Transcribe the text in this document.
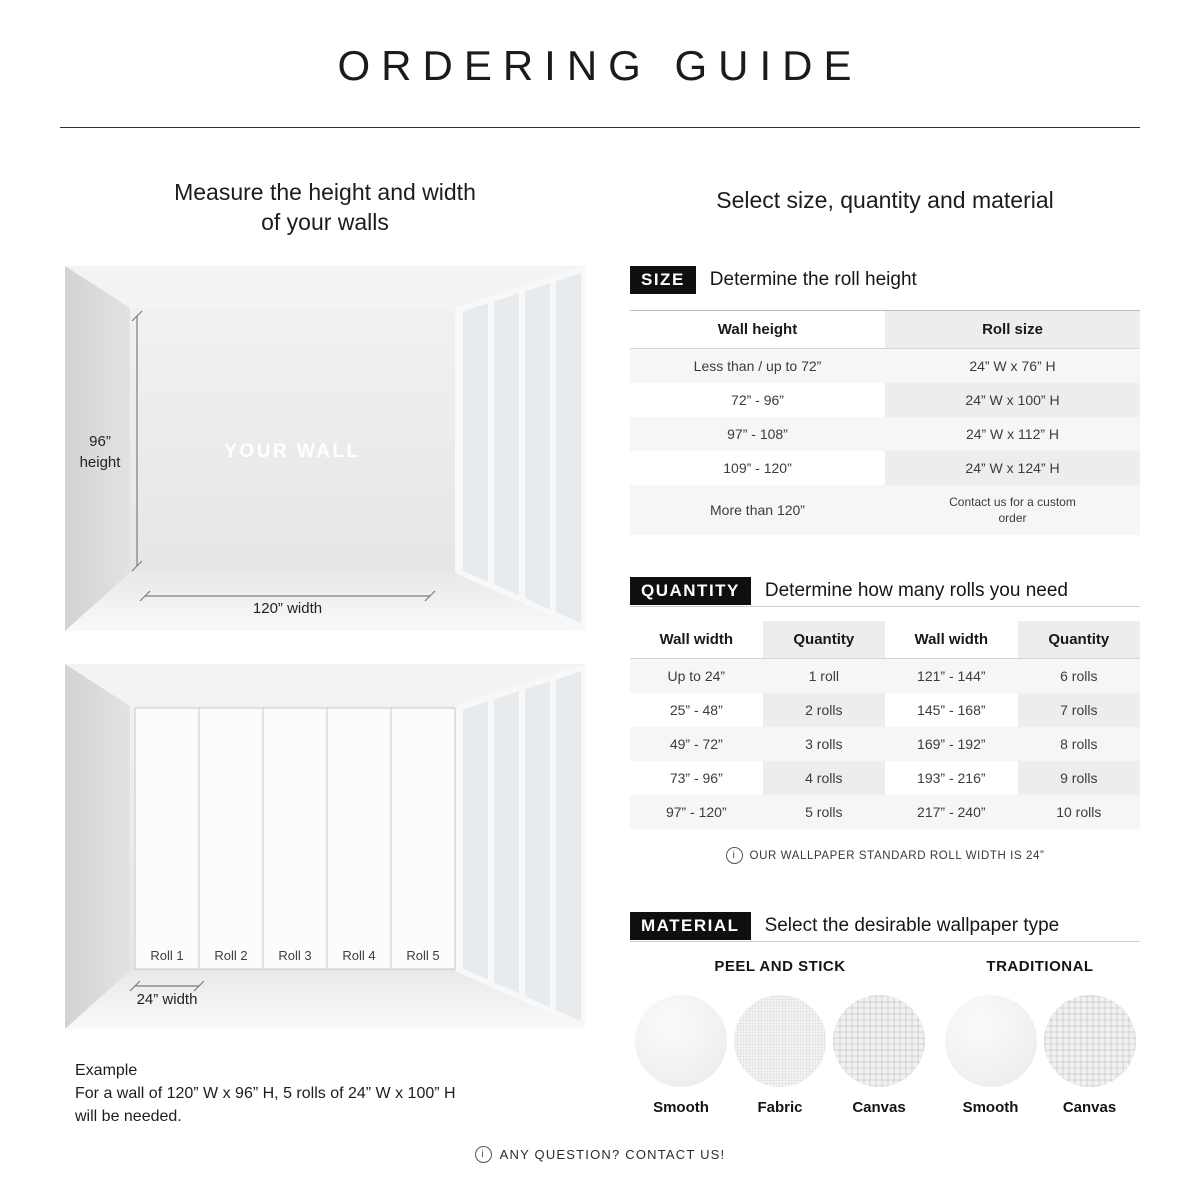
ORDERING GUIDE
Measure the height and width
of your walls
96”
height
YOUR WALL
120” width
Roll 1	Roll 2	Roll 3	Roll 4	Roll 5
24” width
Example
For a wall of 120” W x 96” H, 5 rolls of 24” W x 100” H
will be needed.
Select size, quantity and material
SIZE	Determine the roll height
Wall height	Roll size
Less than / up to 72”	24” W x 76” H
72” - 96”	24” W x 100” H
97” - 108”	24” W x 112” H
109” - 120”	24” W x 124” H
More than 120”	Contact us for a custom order
QUANTITY	Determine how many rolls you need
Wall width	Quantity	Wall width	Quantity
Up to 24”	1 roll	121” - 144”	6 rolls
25” - 48”	2 rolls	145” - 168”	7 rolls
49” - 72”	3 rolls	169” - 192”	8 rolls
73” - 96”	4 rolls	193” - 216”	9 rolls
97” - 120”	5 rolls	217” - 240”	10 rolls
i	OUR WALLPAPER STANDARD ROLL WIDTH IS 24”
MATERIAL	Select the desirable wallpaper type
PEEL AND STICK
Smooth	Fabric	Canvas
TRADITIONAL
Smooth	Canvas
i	ANY QUESTION? CONTACT US!
